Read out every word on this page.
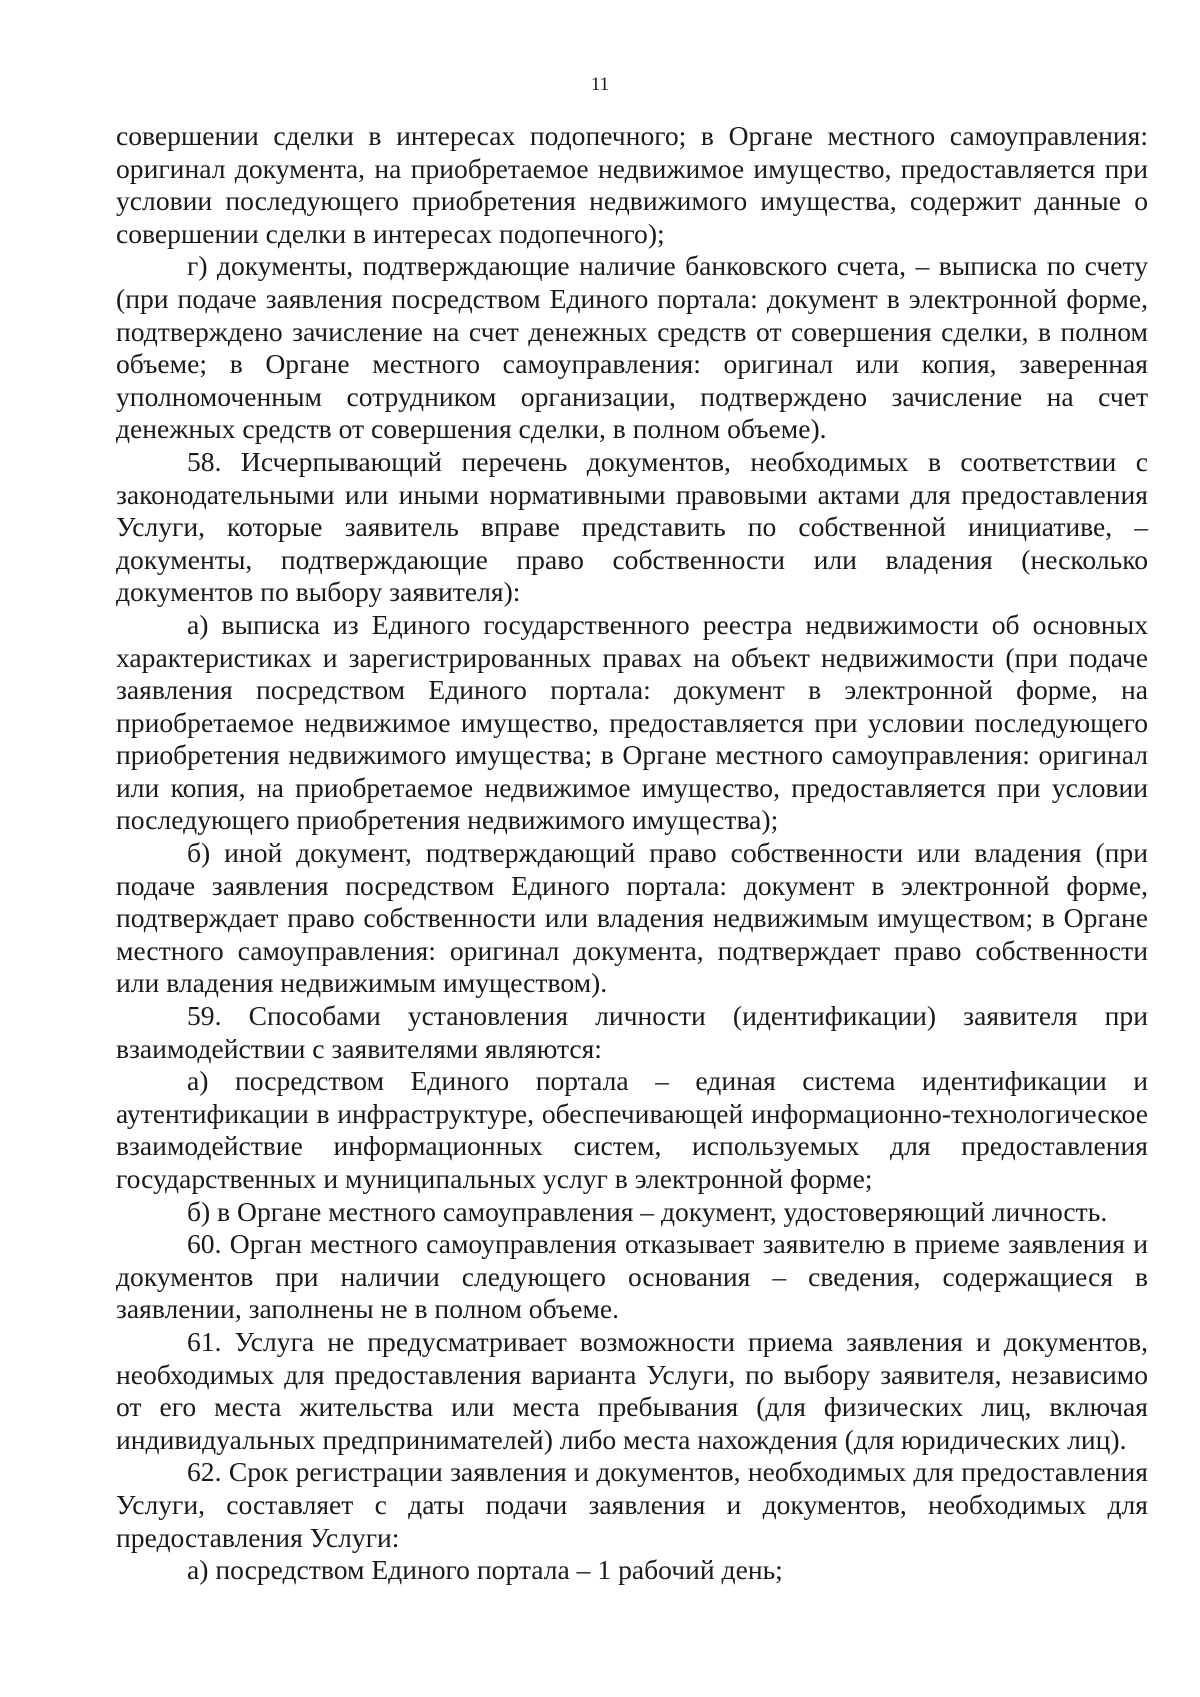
11

совершении сделки в интересах подопечного; в Органе местного самоуправления: оригинал документа, на приобретаемое недвижимое имущество, предоставляется при условии последующего приобретения недвижимого имущества, содержит данные о совершении сделки в интересах подопечного);

г) документы, подтверждающие наличие банковского счета, – выписка по счету (при подаче заявления посредством Единого портала: документ в электронной форме, подтверждено зачисление на счет денежных средств от совершения сделки, в полном объеме; в Органе местного самоуправления: оригинал или копия, заверенная уполномоченным сотрудником организации, подтверждено зачисление на счет денежных средств от совершения сделки, в полном объеме).

58. Исчерпывающий перечень документов, необходимых в соответствии с законодательными или иными нормативными правовыми актами для предоставления Услуги, которые заявитель вправе представить по собственной инициативе, – документы, подтверждающие право собственности или владения (несколько документов по выбору заявителя):

а) выписка из Единого государственного реестра недвижимости об основных характеристиках и зарегистрированных правах на объект недвижимости (при подаче заявления посредством Единого портала: документ в электронной форме, на приобретаемое недвижимое имущество, предоставляется при условии последующего приобретения недвижимого имущества; в Органе местного самоуправления: оригинал или копия, на приобретаемое недвижимое имущество, предоставляется при условии последующего приобретения недвижимого имущества);

б) иной документ, подтверждающий право собственности или владения (при подаче заявления посредством Единого портала: документ в электронной форме, подтверждает право собственности или владения недвижимым имуществом; в Органе местного самоуправления: оригинал документа, подтверждает право собственности или владения недвижимым имуществом).

59. Способами установления личности (идентификации) заявителя при взаимодействии с заявителями являются:

а) посредством Единого портала – единая система идентификации и аутентификации в инфраструктуре, обеспечивающей информационно-технологическое взаимодействие информационных систем, используемых для предоставления государственных и муниципальных услуг в электронной форме;

б) в Органе местного самоуправления – документ, удостоверяющий личность.

60. Орган местного самоуправления отказывает заявителю в приеме заявления и документов при наличии следующего основания – сведения, содержащиеся в заявлении, заполнены не в полном объеме.

61. Услуга не предусматривает возможности приема заявления и документов, необходимых для предоставления варианта Услуги, по выбору заявителя, независимо от его места жительства или места пребывания (для физических лиц, включая индивидуальных предпринимателей) либо места нахождения (для юридических лиц).

62. Срок регистрации заявления и документов, необходимых для предоставления Услуги, составляет с даты подачи заявления и документов, необходимых для предоставления Услуги:

а) посредством Единого портала – 1 рабочий день;
